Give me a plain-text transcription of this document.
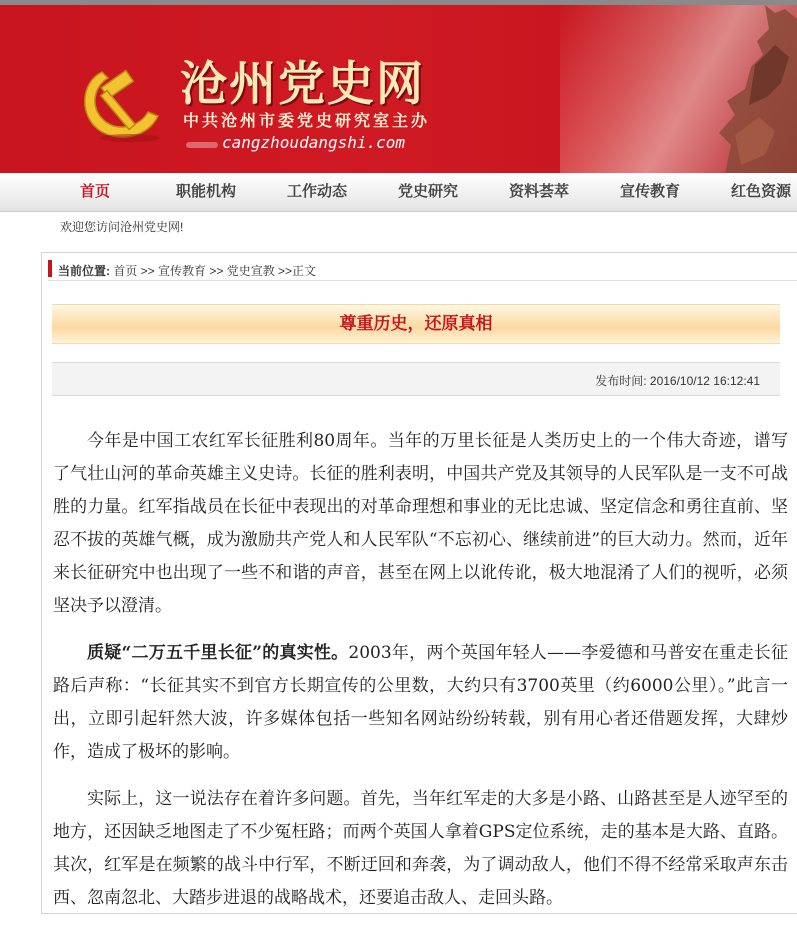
沧州党史网
中共沧州市委党史研究室主办
cangzhoudangshi.com
首页	职能机构	工作动态	党史研究	资料荟萃	宣传教育	红色资源
欢迎您访问沧州党史网!
当前位置: 首页 >> 宣传教育 >> 党史宣教 >>正文
尊重历史，还原真相
发布时间: 2016/10/12 16:12:41

今年是中国工农红军长征胜利80周年。当年的万里长征是人类历史上的一个伟大奇迹，谱写了气壮山河的革命英雄主义史诗。长征的胜利表明，中国共产党及其领导的人民军队是一支不可战胜的力量。红军指战员在长征中表现出的对革命理想和事业的无比忠诚、坚定信念和勇往直前、坚忍不拔的英雄气概，成为激励共产党人和人民军队“不忘初心、继续前进”的巨大动力。然而，近年来长征研究中也出现了一些不和谐的声音，甚至在网上以讹传讹，极大地混淆了人们的视听，必须坚决予以澄清。

质疑“二万五千里长征”的真实性。2003年，两个英国年轻人——李爱德和马普安在重走长征路后声称：“长征其实不到官方长期宣传的公里数，大约只有3700英里（约6000公里）。”此言一出，立即引起轩然大波，许多媒体包括一些知名网站纷纷转载，别有用心者还借题发挥，大肆炒作，造成了极坏的影响。

实际上，这一说法存在着许多问题。首先，当年红军走的大多是小路、山路甚至是人迹罕至的地方，还因缺乏地图走了不少冤枉路；而两个英国人拿着GPS定位系统，走的基本是大路、直路。其次，红军是在频繁的战斗中行军，不断迂回和奔袭，为了调动敌人，他们不得不经常采取声东击西、忽南忽北、大踏步进退的战略战术，还要追击敌人、走回头路。
